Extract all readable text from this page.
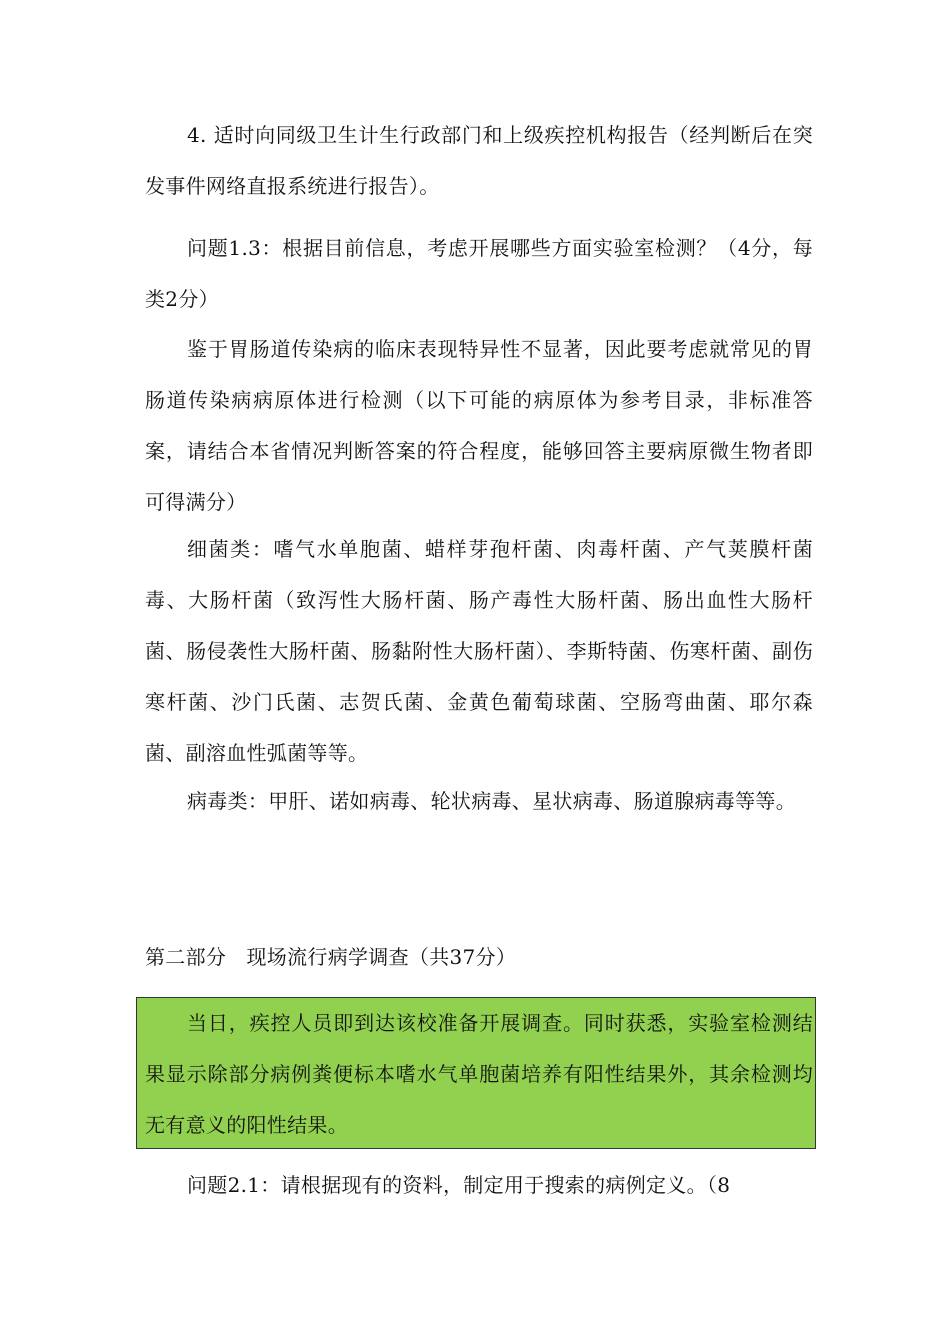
4. 适时向同级卫生计生行政部门和上级疾控机构报告（经判断后在突发事件网络直报系统进行报告）。

问题1.3：根据目前信息，考虑开展哪些方面实验室检测？（4分，每类2分）

鉴于胃肠道传染病的临床表现特异性不显著，因此要考虑就常见的胃肠道传染病病原体进行检测（以下可能的病原体为参考目录，非标准答案，请结合本省情况判断答案的符合程度，能够回答主要病原微生物者即可得满分）

细菌类：嗜气水单胞菌、蜡样芽孢杆菌、肉毒杆菌、产气荚膜杆菌毒、大肠杆菌（致泻性大肠杆菌、肠产毒性大肠杆菌、肠出血性大肠杆菌、肠侵袭性大肠杆菌、肠黏附性大肠杆菌）、李斯特菌、伤寒杆菌、副伤寒杆菌、沙门氏菌、志贺氏菌、金黄色葡萄球菌、空肠弯曲菌、耶尔森菌、副溶血性弧菌等等。

病毒类：甲肝、诺如病毒、轮状病毒、星状病毒、肠道腺病毒等等。

第二部分　现场流行病学调查（共37分）

当日，疾控人员即到达该校准备开展调查。同时获悉，实验室检测结果显示除部分病例粪便标本嗜水气单胞菌培养有阳性结果外，其余检测均无有意义的阳性结果。

问题2.1：请根据现有的资料，制定用于搜索的病例定义。（8
